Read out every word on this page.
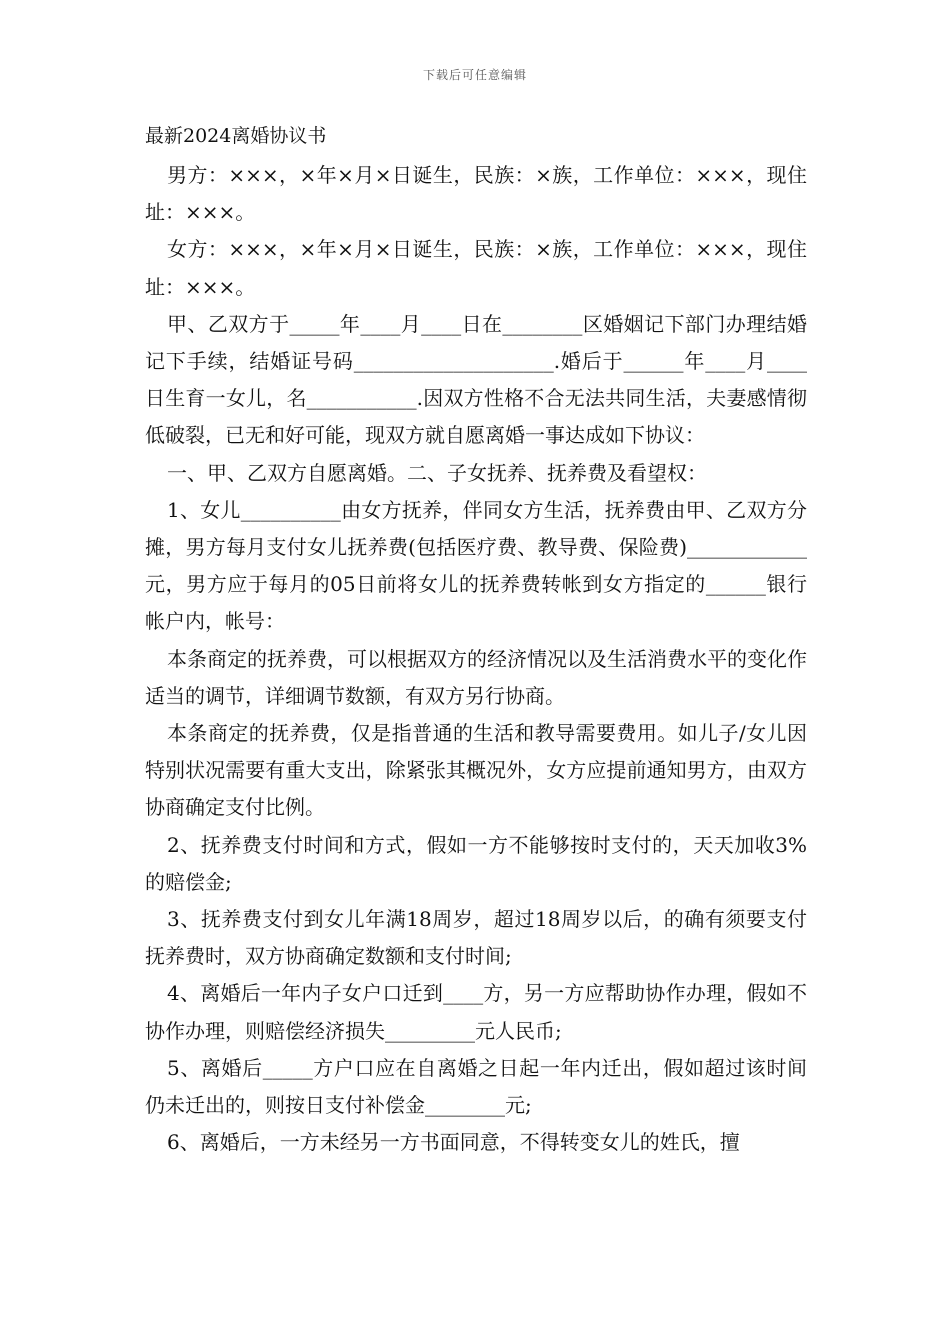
下载后可任意编辑
最新2024离婚协议书

男方：×××，×年×月×日诞生，民族：×族，工作单位：×××，现住址：×××。

女方：×××，×年×月×日诞生，民族：×族，工作单位：×××，现住址：×××。

甲、乙双方于_____年____月____日在________区婚姻记下部门办理结婚记下手续，结婚证号码____________________.婚后于______年____月____日生育一女儿，名___________.因双方性格不合无法共同生活，夫妻感情彻低破裂，已无和好可能，现双方就自愿离婚一事达成如下协议：

一、甲、乙双方自愿离婚。二、子女抚养、抚养费及看望权：

1、女儿__________由女方抚养，伴同女方生活，抚养费由甲、乙双方分摊，男方每月支付女儿抚养费(包括医疗费、教导费、保险费)____________元，男方应于每月的05日前将女儿的抚养费转帐到女方指定的______银行帐户内，帐号：

本条商定的抚养费，可以根据双方的经济情况以及生活消费水平的变化作适当的调节，详细调节数额，有双方另行协商。

本条商定的抚养费，仅是指普通的生活和教导需要费用。如儿子/女儿因特别状况需要有重大支出，除紧张其概况外，女方应提前通知男方，由双方协商确定支付比例。

2、抚养费支付时间和方式，假如一方不能够按时支付的，天天加收3%的赔偿金;

3、抚养费支付到女儿年满18周岁，超过18周岁以后，的确有须要支付抚养费时，双方协商确定数额和支付时间;

4、离婚后一年内子女户口迁到____方，另一方应帮助协作办理，假如不协作办理，则赔偿经济损失_________元人民币;

5、离婚后_____方户口应在自离婚之日起一年内迁出，假如超过该时间仍未迁出的，则按日支付补偿金________元;

6、离婚后，一方未经另一方书面同意，不得转变女儿的姓氏，擅
